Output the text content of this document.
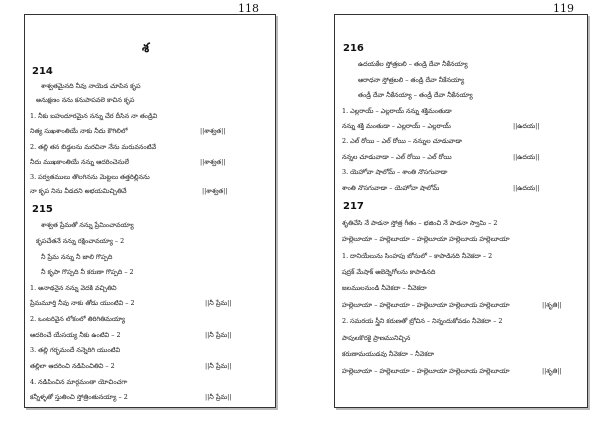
118
శ
214
శాశ్వతమైనది నీవు నాయెడ చూపిన కృప
అనుక్షణం నను కనుపాపవలె కాచిన కృప
1. నీకు బహుదూరమైన నన్ను చేర దీసిన నా తండ్రివి
నిత్య సుఖశాంతియే నాకు నీదు కౌగిలిలో	||శాశ్వత||
2. తల్లి తన బిడ్డలను మరచినా నేను మరువనంటివే
నీదు ముఖకాంతియే నన్ను ఆదరించెనులే	||శాశ్వత||
3. పర్వతములు తొలగినను మెట్టలు తత్తరిల్లినను
నా కృప నిను వీడదని అభయమిచ్చితివే	||శాశ్వత||
215
శాశ్వత ప్రేమతో నన్ను ప్రేమించావయ్యా
కృపచేతనే నన్ను రక్షించావయ్యా – 2
నీ ప్రేమ నన్ను నీ జాలి గొప్పది
నీ కృపా గొప్పది నీ కరుణా గొప్పది – 2
1. అనాథనైన నన్ను వెదకి వచ్చితివి
ప్రేమమూర్తి నీవు నాకు తోడు యుంటివి – 2	||నీ ప్రేమ||
2. ఒంటరివైన లోకంలో తిరిగితిమయ్యా
ఆదరించే యేసయ్య నీకు ఉంటివి – 2	||నీ ప్రేమ||
3. తల్లి గర్భమందే నన్నెరిగి యుంటివి
తల్లిలా ఆదరించి నడిపించితివి – 2	||నీ ప్రేమ||
4. నడిపించిన మార్గమంతా యోచించగా
కన్నీళ్ళతో స్తుతించి స్తోత్రింతునయ్యా – 2	||నీ ప్రేమ||
119
216
ఉదయకేల స్తోత్రబలి – తండ్రి దేవా నీకేనయ్యా
ఆరాధనా స్తోత్రబలి – తండ్రి దేవా నీకేనయ్యా
తండ్రీ దేవా నీకేనయ్యా – తండ్రీ దేవా నీకేనయ్యా
1. ఎల్లరాయ్ – ఎల్లరాయ్ నన్ను శక్తిమంతుడా
నన్ను శక్తి మంతుడా – ఎల్లరాయ్ – ఎల్లరాయ్	||ఉదయ||
2. ఎల్ రోయి – ఎల్ రోయి – నన్నుల చూడువాడా
నన్నల చూడువాడా – ఎల్ రోయి – ఎల్ రోయి	||ఉదయ||
3. యెహోవా షాలోమ్ – శాంతి నొసగువాడా
శాంతి నొసగువాడా – యెహోవా షాలోమ్	||ఉదయ||
217
శృతిచేసి నే పాడనా స్తోత్ర గీతం – భజించి నే పాడనా స్వామి – 2
హల్లెలూయా – హల్లెలూయా – హల్లెలూయా హల్లెలూయ హల్లెలూయా
1. దానియేలును సింహపు బోనులో – కాపాడినది నీవెకదా – 2
షద్రక్ మేషాక్ అబెద్నెగోలను కాపాడినది
జలములనుండి నీవెకదా – నీవెకదా
హల్లెలూయా – హల్లెలూయా – హల్లెలూయా హల్లెలూయ హల్లెలూయా	||శృతి||
2. సమరయ స్త్రీని కరుణతో బ్రోచిన – నిన్నందుకోవడం నీవెకదా – 2
పాపులకొరకై ప్రాణమునిచ్చిన
కరుణామయుడవు నీవెకదా – నీవెకదా
హల్లెలూయా – హల్లెలూయా – హల్లెలూయా హల్లెలూయ హల్లెలూయా	||శృతి||
